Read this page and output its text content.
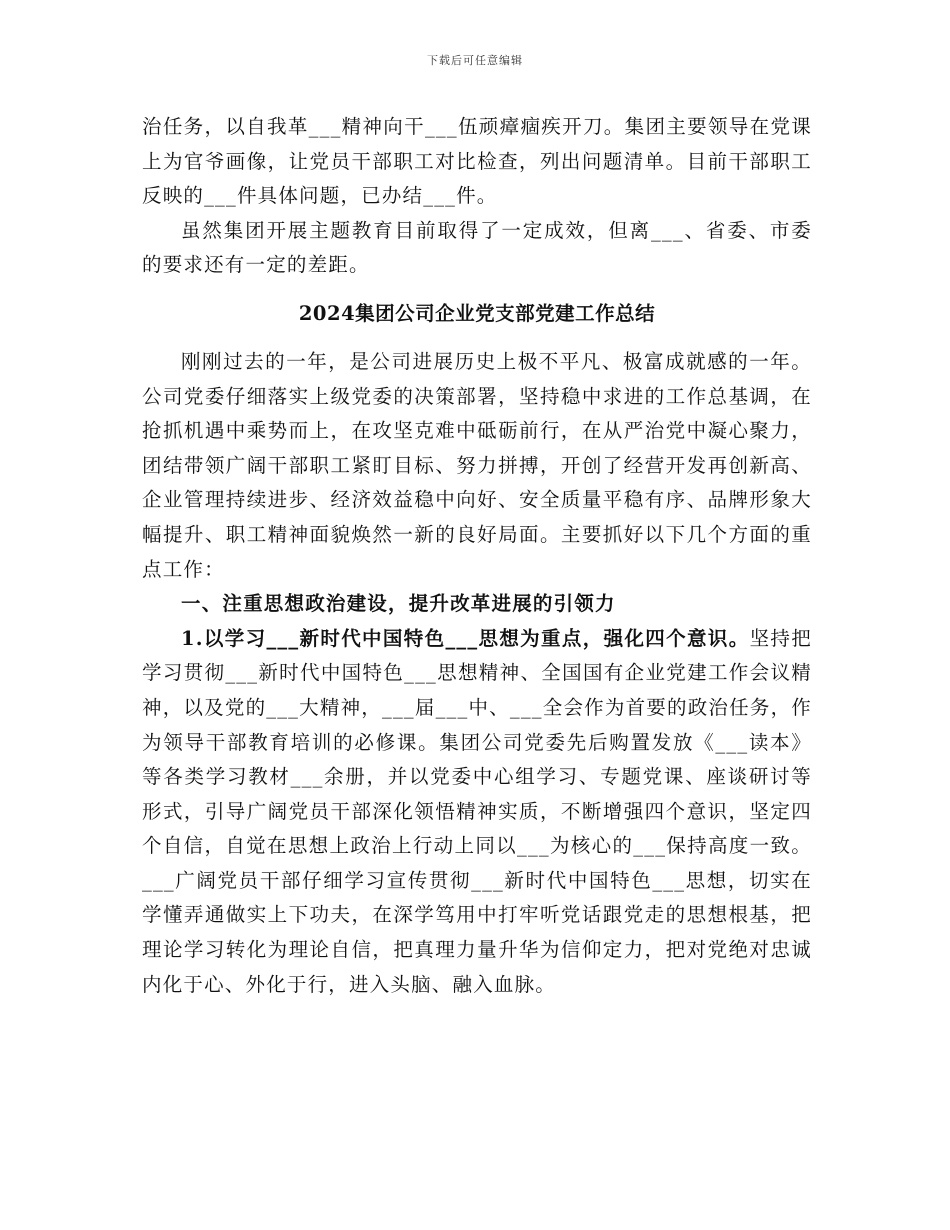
下载后可任意编辑

治任务，以自我革___精神向干___伍顽瘴痼疾开刀。集团主要领导在党课上为官爷画像，让党员干部职工对比检查，列出问题清单。目前干部职工反映的___件具体问题，已办结___件。

虽然集团开展主题教育目前取得了一定成效，但离___、省委、市委的要求还有一定的差距。

2024集团公司企业党支部党建工作总结

刚刚过去的一年，是公司进展历史上极不平凡、极富成就感的一年。公司党委仔细落实上级党委的决策部署，坚持稳中求进的工作总基调，在抢抓机遇中乘势而上，在攻坚克难中砥砺前行，在从严治党中凝心聚力，团结带领广阔干部职工紧盯目标、努力拼搏，开创了经营开发再创新高、企业管理持续进步、经济效益稳中向好、安全质量平稳有序、品牌形象大幅提升、职工精神面貌焕然一新的良好局面。主要抓好以下几个方面的重点工作：

一、注重思想政治建设，提升改革进展的引领力

1.以学习___新时代中国特色___思想为重点，强化四个意识。坚持把学习贯彻___新时代中国特色___思想精神、全国国有企业党建工作会议精神，以及党的___大精神，___届___中、___全会作为首要的政治任务，作为领导干部教育培训的必修课。集团公司党委先后购置发放《___读本》等各类学习教材___余册，并以党委中心组学习、专题党课、座谈研讨等形式，引导广阔党员干部深化领悟精神实质，不断增强四个意识，坚定四个自信，自觉在思想上政治上行动上同以___为核心的___保持高度一致。___广阔党员干部仔细学习宣传贯彻___新时代中国特色___思想，切实在学懂弄通做实上下功夫，在深学笃用中打牢听党话跟党走的思想根基，把理论学习转化为理论自信，把真理力量升华为信仰定力，把对党绝对忠诚内化于心、外化于行，进入头脑、融入血脉。
